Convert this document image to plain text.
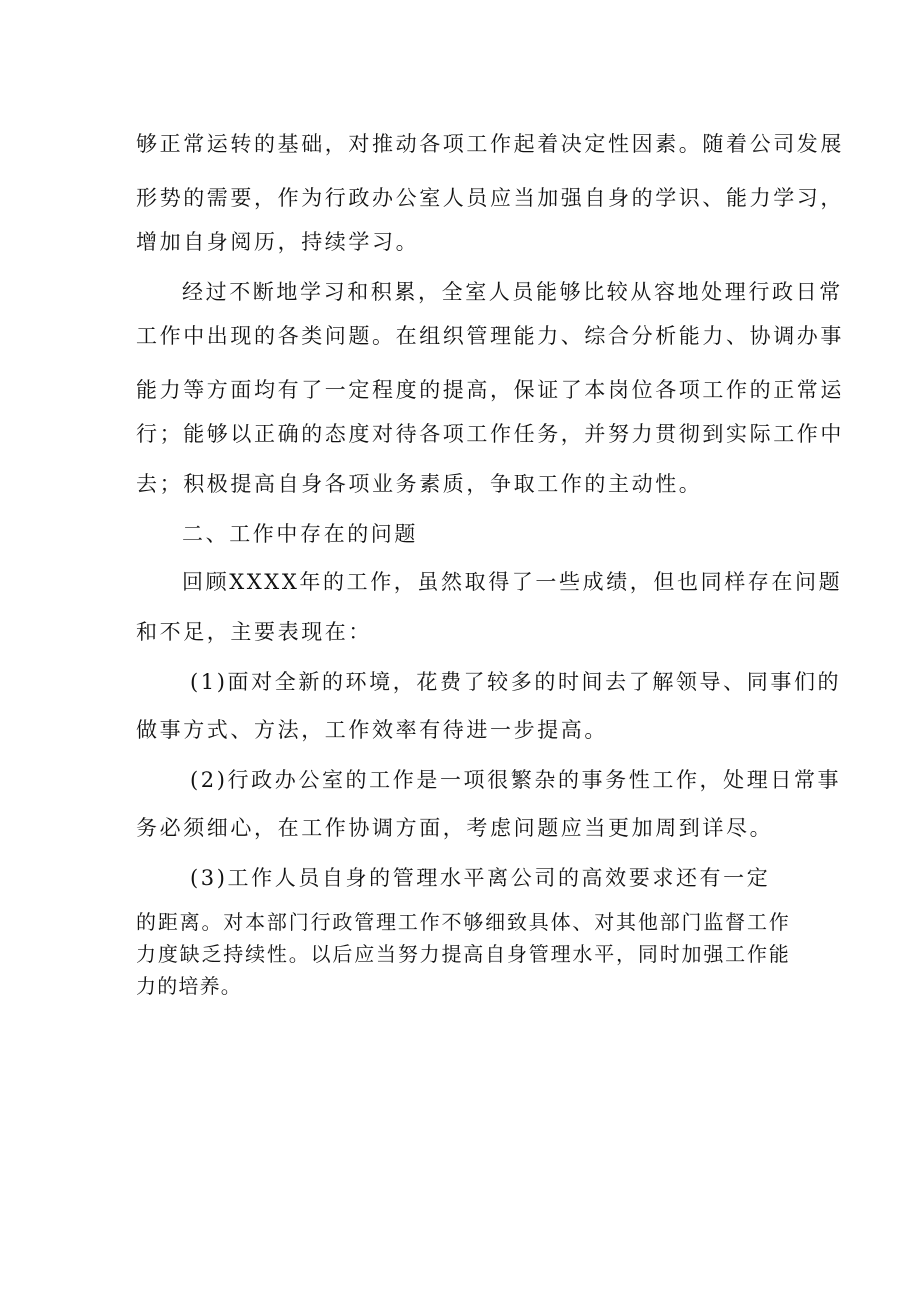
够正常运转的基础，对推动各项工作起着决定性因素。随着公司发展
形势的需要，作为行政办公室人员应当加强自身的学识、能力学习，
增加自身阅历，持续学习。
经过不断地学习和积累，全室人员能够比较从容地处理行政日常
工作中出现的各类问题。在组织管理能力、综合分析能力、协调办事
能力等方面均有了一定程度的提高，保证了本岗位各项工作的正常运
行；能够以正确的态度对待各项工作任务，并努力贯彻到实际工作中
去；积极提高自身各项业务素质，争取工作的主动性。
二、工作中存在的问题
回顾XXXX年的工作，虽然取得了一些成绩，但也同样存在问题
和不足，主要表现在：
(1)面对全新的环境，花费了较多的时间去了解领导、同事们的
做事方式、方法，工作效率有待进一步提高。
(2)行政办公室的工作是一项很繁杂的事务性工作，处理日常事
务必须细心，在工作协调方面，考虑问题应当更加周到详尽。
(3)工作人员自身的管理水平离公司的高效要求还有一定
的距离。对本部门行政管理工作不够细致具体、对其他部门监督工作
力度缺乏持续性。以后应当努力提高自身管理水平，同时加强工作能
力的培养。
